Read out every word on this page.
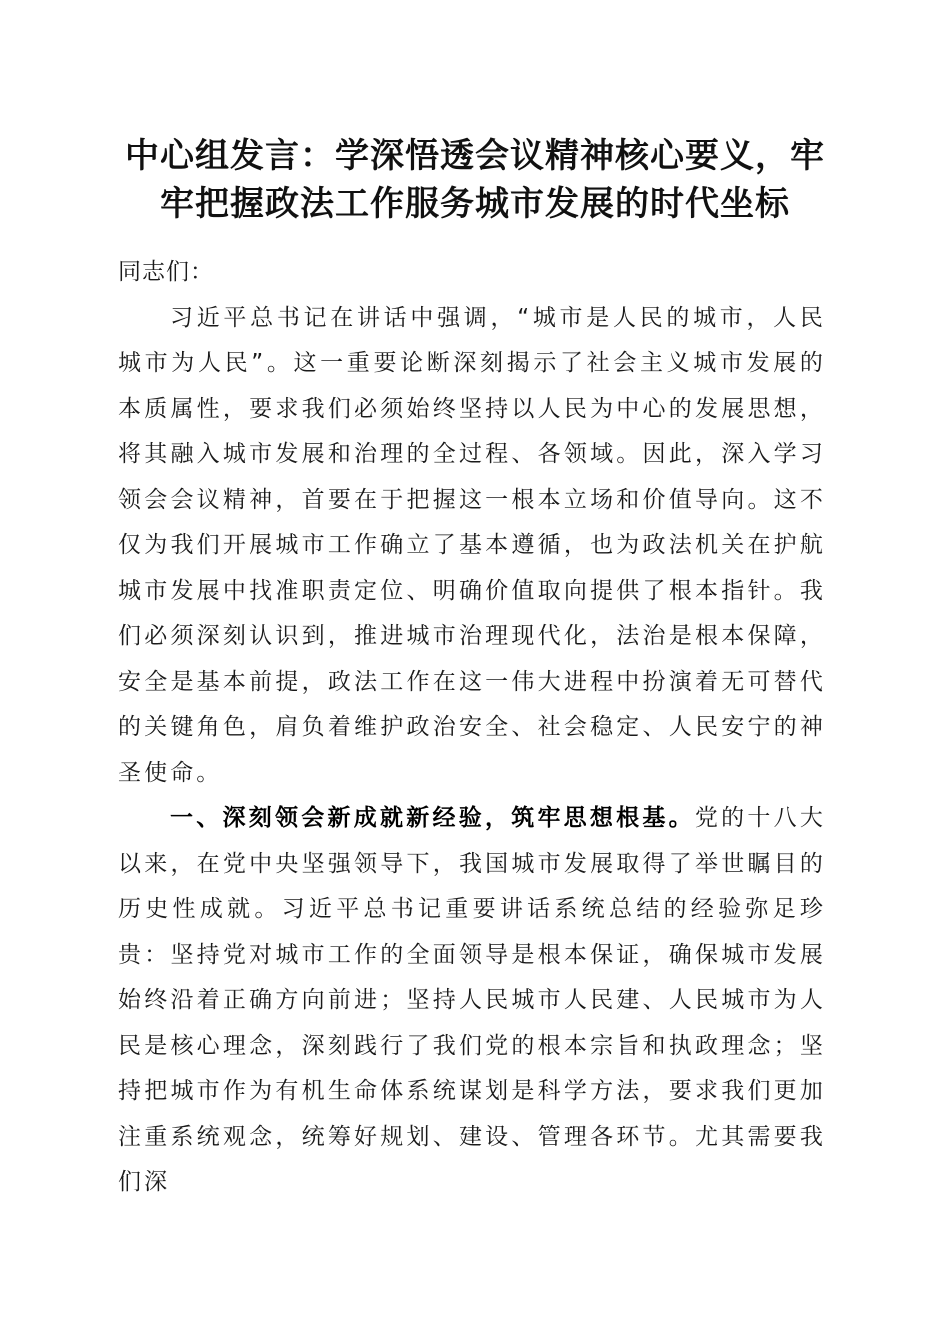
中心组发言：学深悟透会议精神核心要义，牢牢把握政法工作服务城市发展的时代坐标

同志们：

习近平总书记在讲话中强调，“城市是人民的城市，人民城市为人民”。这一重要论断深刻揭示了社会主义城市发展的本质属性，要求我们必须始终坚持以人民为中心的发展思想，将其融入城市发展和治理的全过程、各领域。因此，深入学习领会会议精神，首要在于把握这一根本立场和价值导向。这不仅为我们开展城市工作确立了基本遵循，也为政法机关在护航城市发展中找准职责定位、明确价值取向提供了根本指针。我们必须深刻认识到，推进城市治理现代化，法治是根本保障，安全是基本前提，政法工作在这一伟大进程中扮演着无可替代的关键角色，肩负着维护政治安全、社会稳定、人民安宁的神圣使命。

一、深刻领会新成就新经验，筑牢思想根基。党的十八大以来，在党中央坚强领导下，我国城市发展取得了举世瞩目的历史性成就。习近平总书记重要讲话系统总结的经验弥足珍贵：坚持党对城市工作的全面领导是根本保证，确保城市发展始终沿着正确方向前进；坚持人民城市人民建、人民城市为人民是核心理念，深刻践行了我们党的根本宗旨和执政理念；坚持把城市作为有机生命体系统谋划是科学方法，要求我们更加注重系统观念，统筹好规划、建设、管理各环节。尤其需要我们深
